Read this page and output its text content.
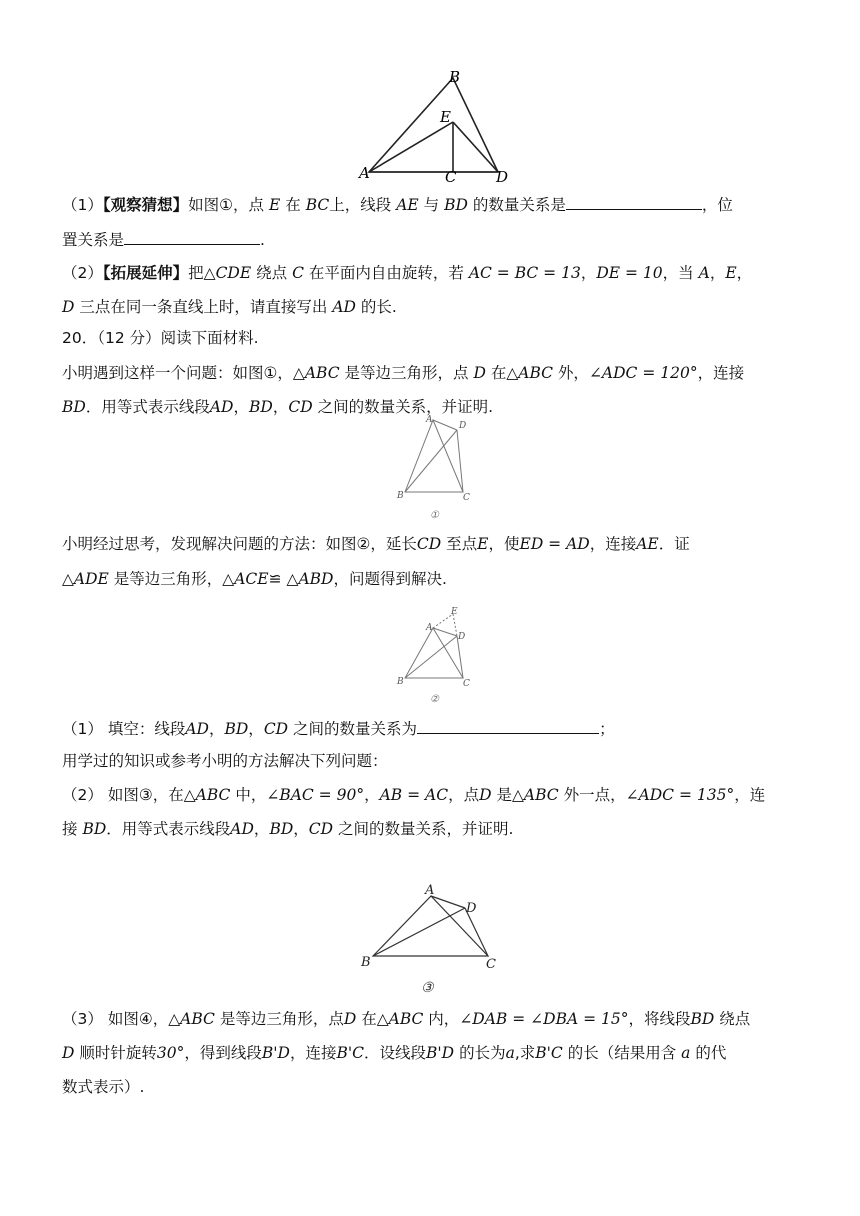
B
E
A	C	D
（1）【观察猜想】如图①，点 E 在 BC上，线段 AE 与 BD 的数量关系是	，位
置关系是	.
（2）【拓展延伸】把△CDE 绕点 C 在平面内自由旋转，若 AC = BC = 13，DE = 10，当 A，E，
D 三点在同一条直线上时，请直接写出 AD 的长.
20．（12 分）阅读下面材料.
小明遇到这样一个问题：如图①，△ABC 是等边三角形，点 D 在△ABC 外，∠ADC = 120°，连接
BD．用等式表示线段AD，BD，CD 之间的数量关系，并证明.
A
D
B	C
①
小明经过思考，发现解决问题的方法：如图②，延长CD 至点E，使ED = AD，连接AE．证
△ADE 是等边三角形，△ACE≌ △ABD，问题得到解决.
E
A
D
B	C
②
（1） 填空：线段AD，BD，CD 之间的数量关系为	；
用学过的知识或参考小明的方法解决下列问题：
（2） 如图③，在△ABC 中，∠BAC = 90°，AB = AC，点D 是△ABC 外一点，∠ADC = 135°，连
接 BD．用等式表示线段AD，BD，CD 之间的数量关系，并证明.
A
D
B	C
③
（3） 如图④，△ABC 是等边三角形，点D 在△ABC 内，∠DAB = ∠DBA = 15°，将线段BD 绕点
D 顺时针旋转30°，得到线段B'D，连接B'C．设线段B'D 的长为a,求B'C 的长（结果用含 a 的代
数式表示）.
